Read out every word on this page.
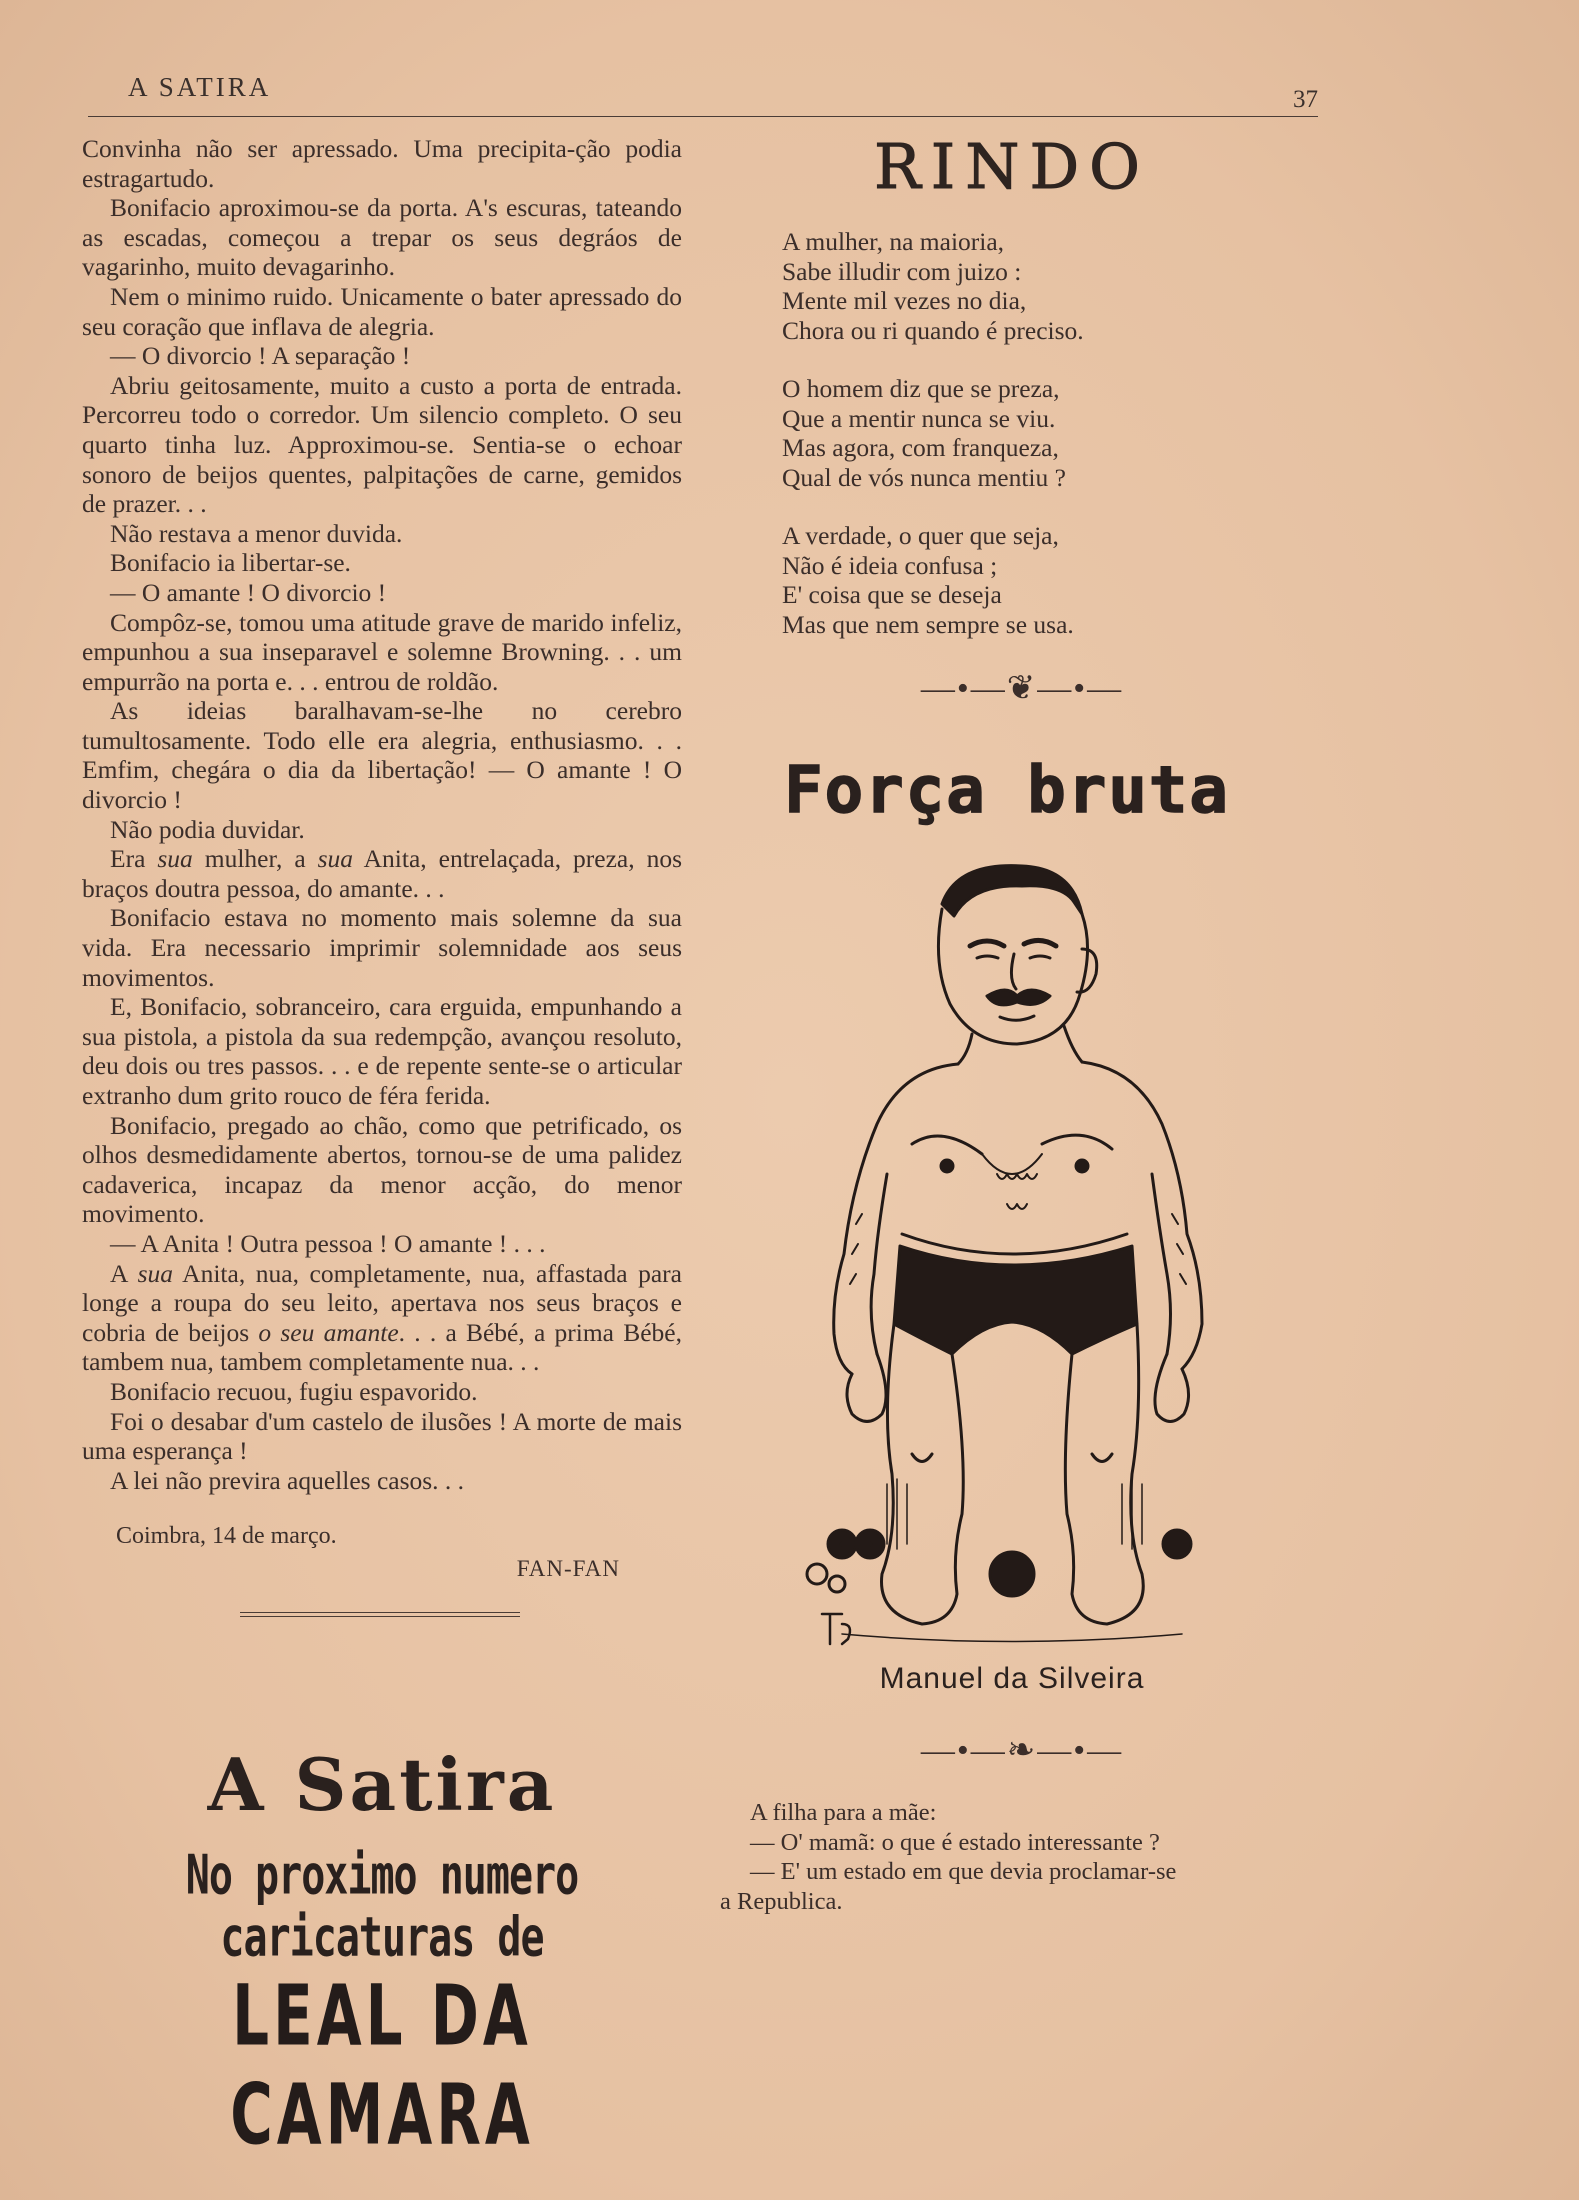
A SATIRA	37

Convinha não ser apressado. Uma precipita-ção podia estragartudo.

Bonifacio aproximou-se da porta. A's escuras, tateando as escadas, começou a trepar os seus degráos de vagarinho, muito devagarinho.

Nem o minimo ruido. Unicamente o bater apressado do seu coração que inflava de alegria.

— O divorcio ! A separação !

Abriu geitosamente, muito a custo a porta de entrada. Percorreu todo o corredor. Um silencio completo. O seu quarto tinha luz. Approximou-se. Sentia-se o echoar sonoro de beijos quentes, palpitações de carne, gemidos de prazer. . .

Não restava a menor duvida.

Bonifacio ia libertar-se.

— O amante ! O divorcio !

Compôz-se, tomou uma atitude grave de marido infeliz, empunhou a sua inseparavel e solemne Browning. . . um empurrão na porta e. . . entrou de roldão.

As ideias baralhavam-se-lhe no cerebro tumultosamente. Todo elle era alegria, enthusiasmo. . . Emfim, chegára o dia da libertação! — O amante ! O divorcio !

Não podia duvidar.

Era sua mulher, a sua Anita, entrelaçada, preza, nos braços doutra pessoa, do amante. . .

Bonifacio estava no momento mais solemne da sua vida. Era necessario imprimir solemnidade aos seus movimentos.

E, Bonifacio, sobranceiro, cara erguida, empunhando a sua pistola, a pistola da sua redempção, avançou resoluto, deu dois ou tres passos. . . e de repente sente-se o articular extranho dum grito rouco de féra ferida.

Bonifacio, pregado ao chão, como que petrificado, os olhos desmedidamente abertos, tornou-se de uma palidez cadaverica, incapaz da menor acção, do menor movimento.

— A Anita ! Outra pessoa ! O amante ! . . .

A sua Anita, nua, completamente, nua, affastada para longe a roupa do seu leito, apertava nos seus braços e cobria de beijos o seu amante. . . a Bébé, a prima Bébé, tambem nua, tambem completamente nua. . .

Bonifacio recuou, fugiu espavorido.

Foi o desabar d'um castelo de ilusões ! A morte de mais uma esperança !

A lei não previra aquelles casos. . .

Coimbra, 14 de março.
FAN-FAN
A Satira
No proximo numero caricaturas de
LEAL DA CAMARA
RINDO
A mulher, na maioria,
Sabe illudir com juizo :
Mente mil vezes no dia,
Chora ou ri quando é preciso.
O homem diz que se preza,
Que a mentir nunca se viu.
Mas agora, com franqueza,
Qual de vós nunca mentiu ?
A verdade, o quer que seja,
Não é ideia confusa ;
E' coisa que se deseja
Mas que nem sempre se usa.
—•—❦—•—
Força bruta
Manuel da Silveira
—•—❧—•—
A filha para a mãe:
— O' mamã: o que é estado interessante ?
— E' um estado em que devia proclamar-se
a Republica.
